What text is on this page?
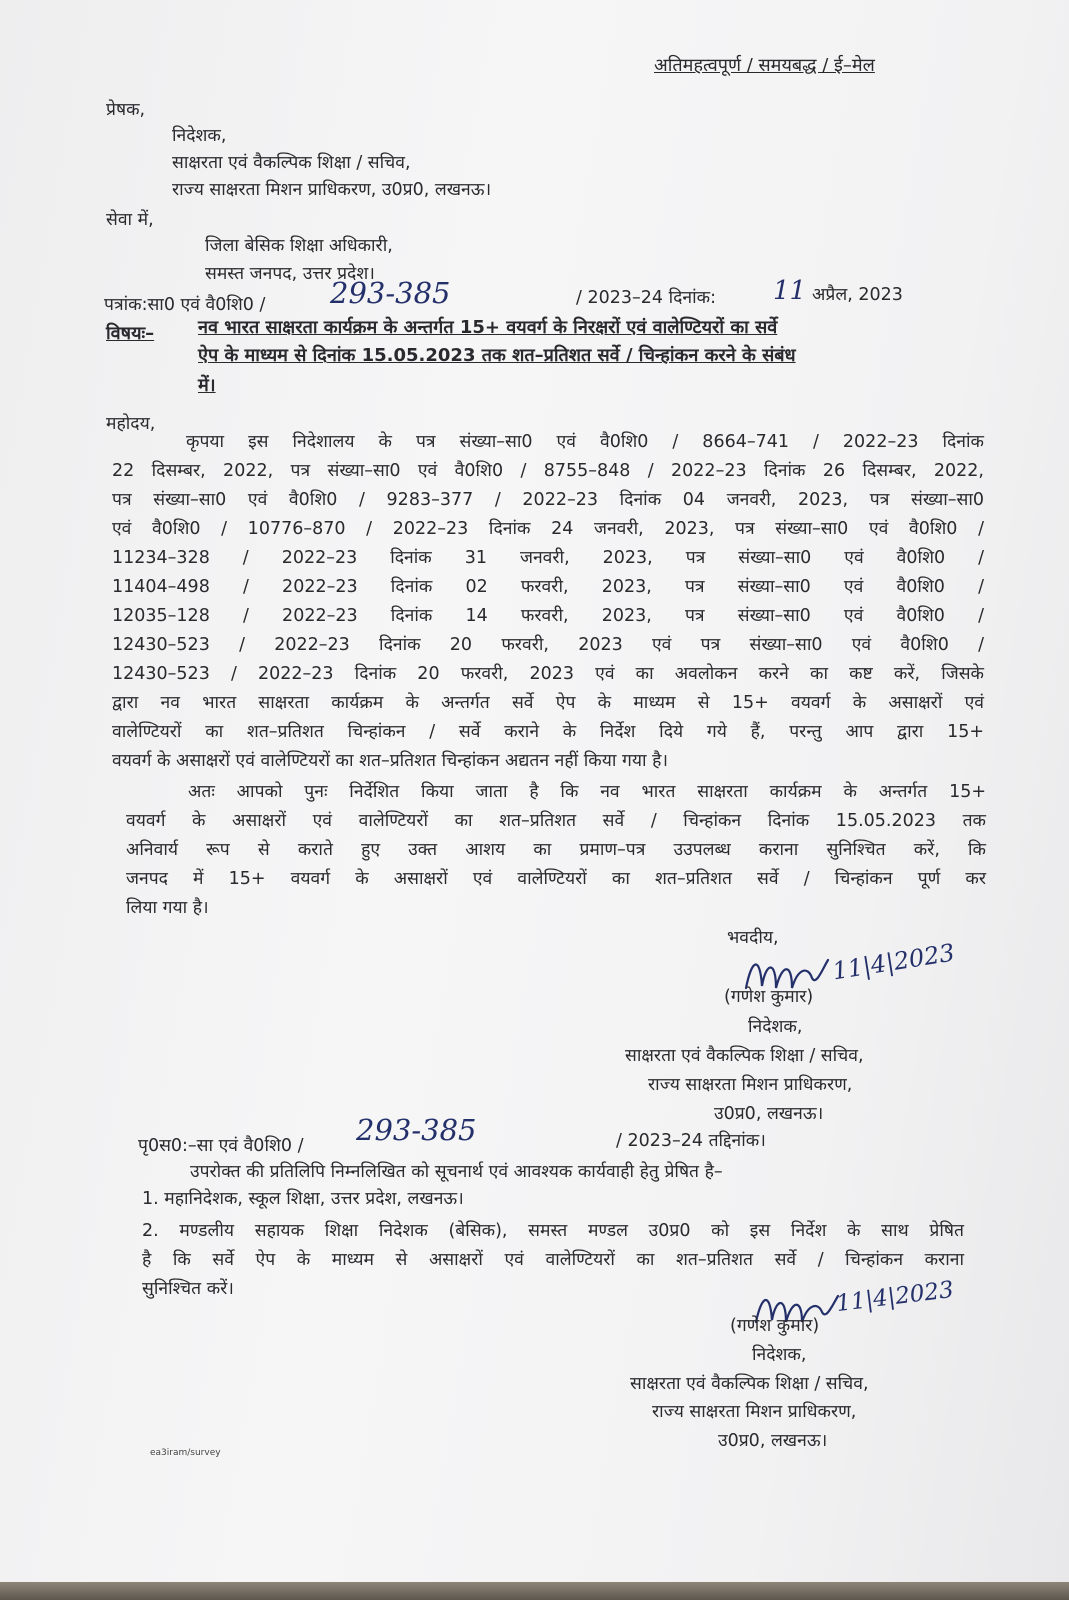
अतिमहत्वपूर्ण / समयबद्ध / ई–मेल
प्रेषक,
निदेशक,
साक्षरता एवं वैकल्पिक शिक्षा / सचिव,
राज्य साक्षरता मिशन प्राधिकरण, उ0प्र0, लखनऊ।
सेवा में,
जिला बेसिक शिक्षा अधिकारी,
समस्त जनपद, उत्तर प्रदेश।
पत्रांक:सा0 एवं वै0शि0 / 293-385	/ 2023–24 दिनांक: 11 अप्रैल, 2023
विषयः– नव भारत साक्षरता कार्यक्रम के अन्तर्गत 15+ वयवर्ग के निरक्षरों एवं वालेण्टियरों का सर्वे
ऐप के माध्यम से दिनांक 15.05.2023 तक शत–प्रतिशत सर्वे / चिन्हांकन करने के संबंध
में।
महोदय,
कृपया इस निदेशालय के पत्र संख्या–सा0 एवं वै0शि0 / 8664–741 / 2022–23 दिनांक
22 दिसम्बर, 2022, पत्र संख्या–सा0 एवं वै0शि0 / 8755–848 / 2022–23 दिनांक 26 दिसम्बर, 2022,
पत्र संख्या–सा0 एवं वै0शि0 / 9283–377 / 2022–23 दिनांक 04 जनवरी, 2023, पत्र संख्या–सा0
एवं वै0शि0 / 10776–870 / 2022–23 दिनांक 24 जनवरी, 2023, पत्र संख्या–सा0 एवं वै0शि0 /
11234–328 / 2022–23 दिनांक 31 जनवरी, 2023, पत्र संख्या–सा0 एवं वै0शि0 /
11404–498 / 2022–23 दिनांक 02 फरवरी, 2023, पत्र संख्या–सा0 एवं वै0शि0 /
12035–128 / 2022–23 दिनांक 14 फरवरी, 2023, पत्र संख्या–सा0 एवं वै0शि0 /
12430–523 / 2022–23 दिनांक 20 फरवरी, 2023 एवं पत्र संख्या–सा0 एवं वै0शि0 /
12430–523 / 2022–23 दिनांक 20 फरवरी, 2023 एवं का अवलोकन करने का कष्ट करें, जिसके
द्वारा नव भारत साक्षरता कार्यक्रम के अन्तर्गत सर्वे ऐप के माध्यम से 15+ वयवर्ग के असाक्षरों एवं
वालेण्टियरों का शत–प्रतिशत चिन्हांकन / सर्वे कराने के निर्देश दिये गये हैं, परन्तु आप द्वारा 15+
वयवर्ग के असाक्षरों एवं वालेण्टियरों का शत–प्रतिशत चिन्हांकन अद्यतन नहीं किया गया है।
अतः आपको पुनः निर्देशित किया जाता है कि नव भारत साक्षरता कार्यक्रम के अन्तर्गत 15+
वयवर्ग के असाक्षरों एवं वालेण्टियरों का शत–प्रतिशत सर्वे / चिन्हांकन दिनांक 15.05.2023 तक
अनिवार्य रूप से कराते हुए उक्त आशय का प्रमाण–पत्र उउपलब्ध कराना सुनिश्चित करें, कि
जनपद में 15+ वयवर्ग के असाक्षरों एवं वालेण्टियरों का शत–प्रतिशत सर्वे / चिन्हांकन पूर्ण कर
लिया गया है।
भवदीय,
11|4|2023
(गणेश कुमार)
निदेशक,
साक्षरता एवं वैकल्पिक शिक्षा / सचिव,
राज्य साक्षरता मिशन प्राधिकरण,
उ0प्र0, लखनऊ।
पृ0स0:–सा एवं वै0शि0 / 293-385	/ 2023–24 तद्दिनांक।
उपरोक्त की प्रतिलिपि निम्नलिखित को सूचनार्थ एवं आवश्यक कार्यवाही हेतु प्रेषित है–
1. महानिदेशक, स्कूल शिक्षा, उत्तर प्रदेश, लखनऊ।
2. मण्डलीय सहायक शिक्षा निदेशक (बेसिक), समस्त मण्डल उ0प्र0 को इस निर्देश के साथ प्रेषित
है कि सर्वे ऐप के माध्यम से असाक्षरों एवं वालेण्टियरों का शत–प्रतिशत सर्वे / चिन्हांकन कराना
सुनिश्चित करें।	11|4|2023
(गणेश कुमार)
निदेशक,
साक्षरता एवं वैकल्पिक शिक्षा / सचिव,
राज्य साक्षरता मिशन प्राधिकरण,
उ0प्र0, लखनऊ।
ea3iram/survey
